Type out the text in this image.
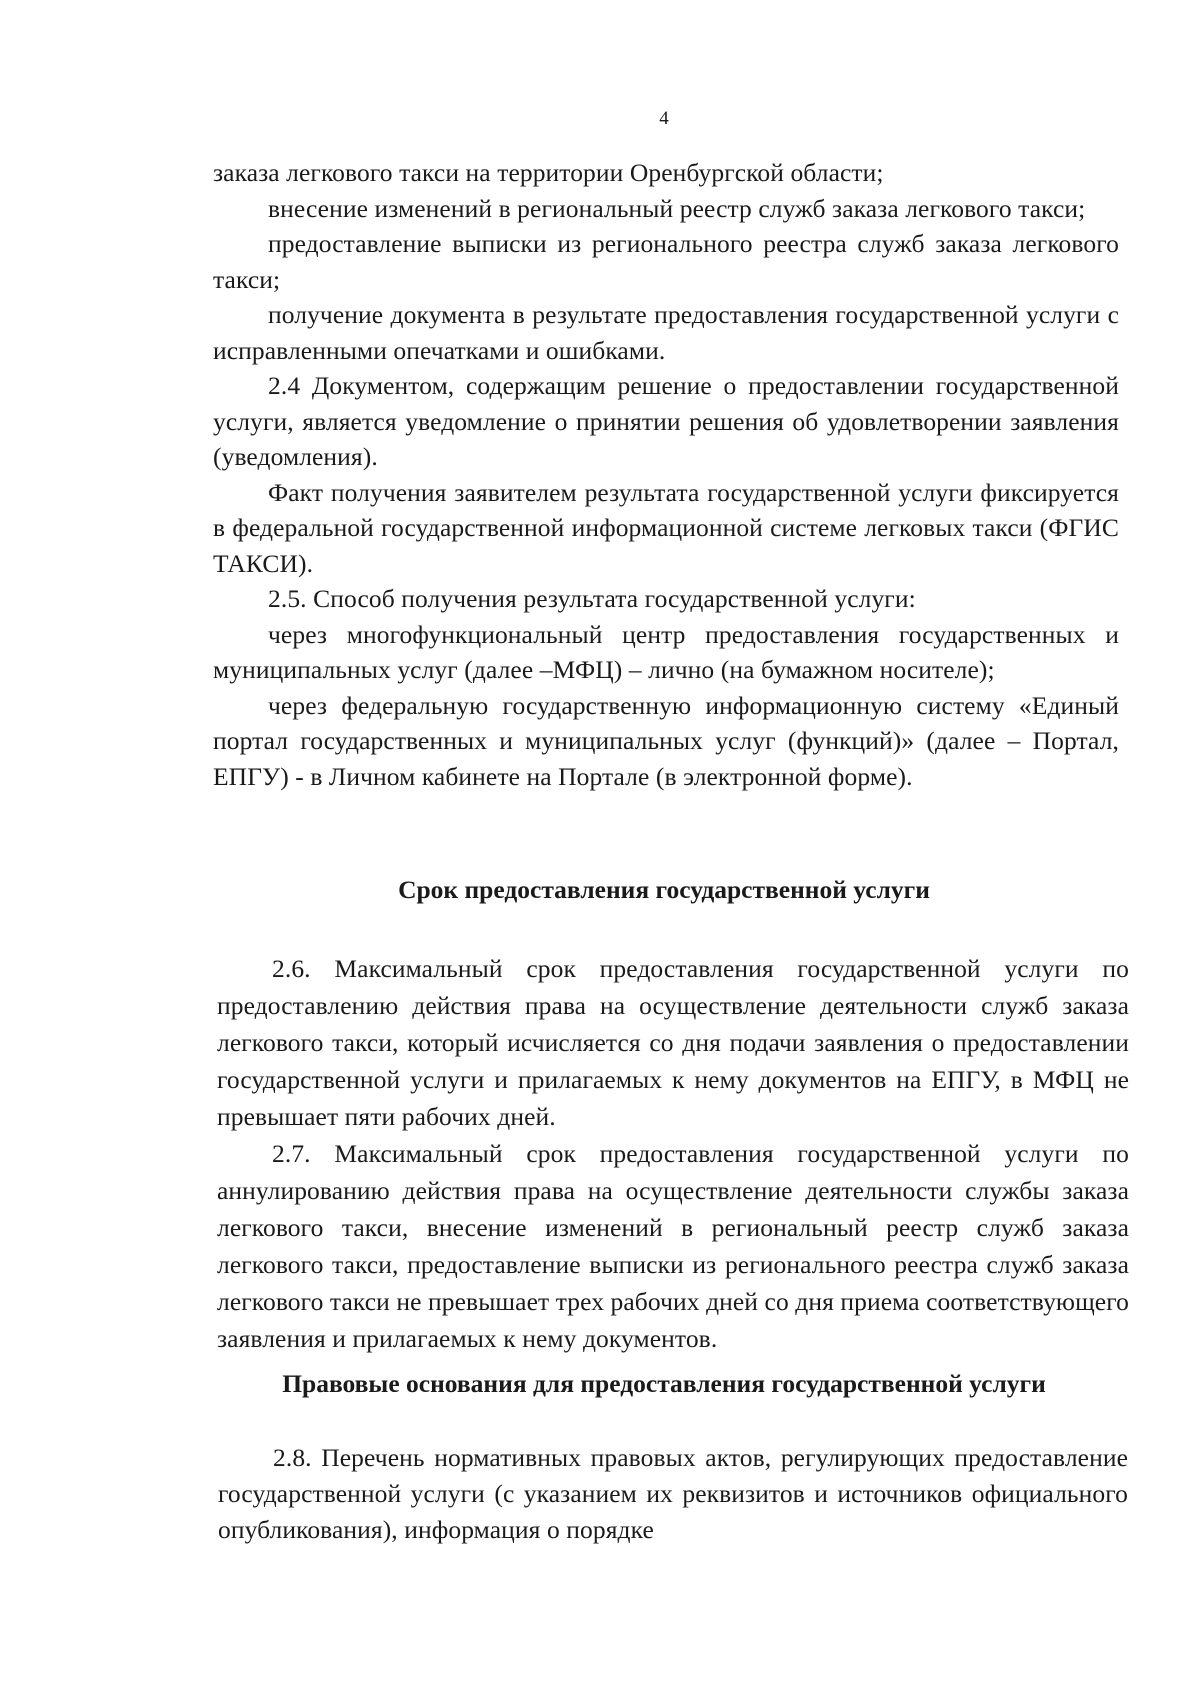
4

заказа легкового такси на территории Оренбургской области;

внесение изменений в региональный реестр служб заказа легкового такси;

предоставление выписки из регионального реестра служб заказа легкового такси;

получение документа в результате предоставления государственной услуги с исправленными опечатками и ошибками.

2.4 Документом, содержащим решение о предоставлении государственной услуги, является уведомление о принятии решения об удовлетворении заявления (уведомления).

Факт получения заявителем результата государственной услуги фиксируется в федеральной государственной информационной системе легковых такси (ФГИС ТАКСИ).

2.5. Способ получения результата государственной услуги:

через многофункциональный центр предоставления государственных и муниципальных услуг (далее –МФЦ) – лично (на бумажном носителе);

через федеральную государственную информационную систему «Единый портал государственных и муниципальных услуг (функций)» (далее – Портал, ЕПГУ) - в Личном кабинете на Портале (в электронной форме).

Срок предоставления государственной услуги

2.6. Максимальный срок предоставления государственной услуги по предоставлению действия права на осуществление деятельности служб заказа легкового такси, который исчисляется со дня подачи заявления о предоставлении государственной услуги и прилагаемых к нему документов на ЕПГУ, в МФЦ не превышает пяти рабочих дней.

2.7. Максимальный срок предоставления государственной услуги по аннулированию действия права на осуществление деятельности службы заказа легкового такси, внесение изменений в региональный реестр служб заказа легкового такси, предоставление выписки из регионального реестра служб заказа легкового такси не превышает трех рабочих дней со дня приема соответствующего заявления и прилагаемых к нему документов.

Правовые основания для предоставления государственной услуги

2.8. Перечень нормативных правовых актов, регулирующих предоставление государственной услуги (с указанием их реквизитов и источников официального опубликования), информация о порядке
